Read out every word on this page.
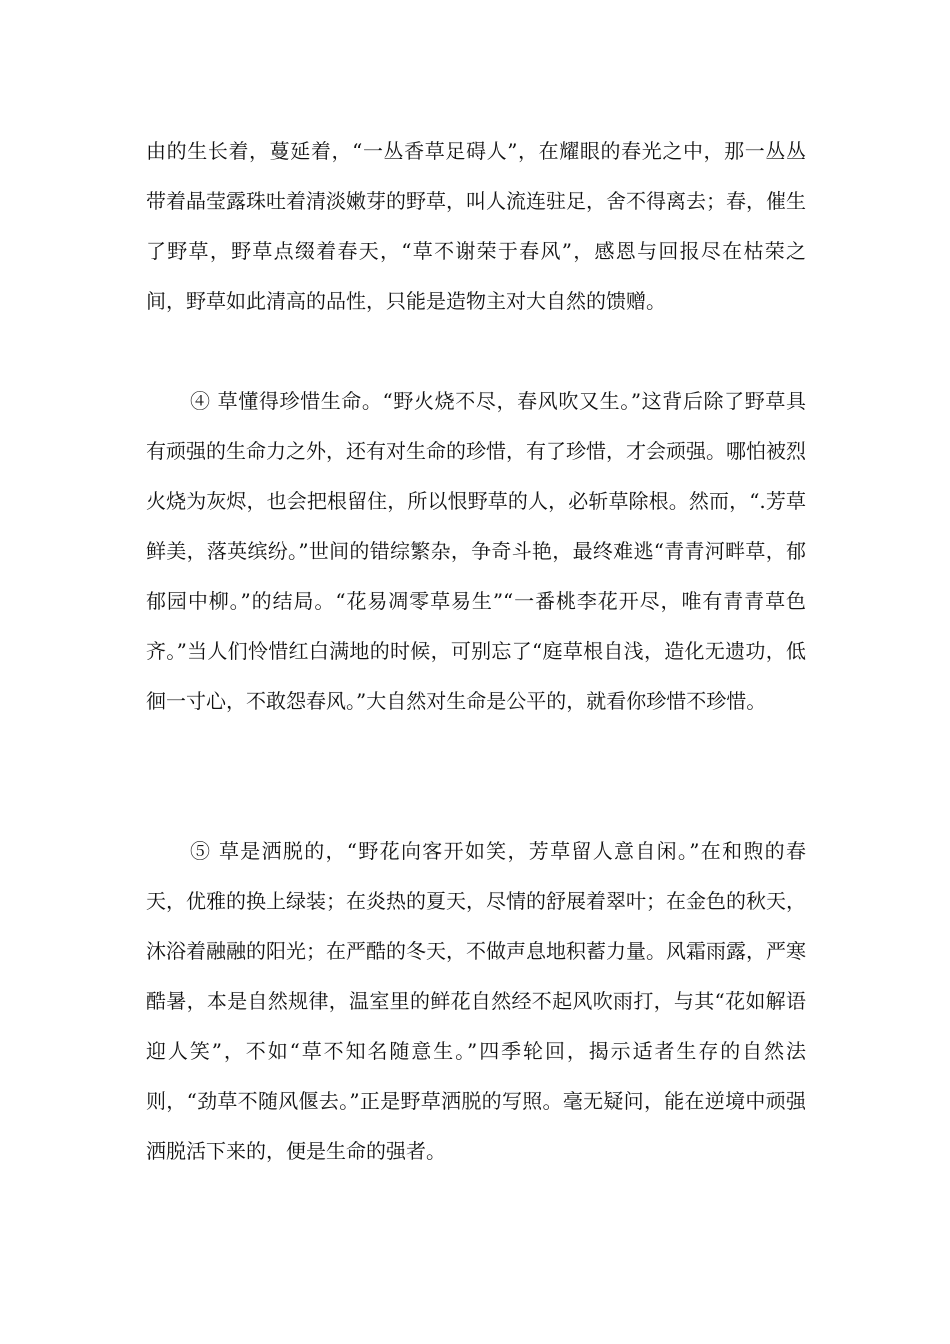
由的生长着，蔓延着，“一丛香草足碍人”，在耀眼的春光之中，那一丛丛带着晶莹露珠吐着清淡嫩芽的野草，叫人流连驻足，舍不得离去；春，催生了野草，野草点缀着春天，“草不谢荣于春风”，感恩与回报尽在枯荣之间，野草如此清高的品性，只能是造物主对大自然的馈赠。

④ 草懂得珍惜生命。“野火烧不尽，春风吹又生。”这背后除了野草具有顽强的生命力之外，还有对生命的珍惜，有了珍惜，才会顽强。哪怕被烈火烧为灰烬，也会把根留住，所以恨野草的人，必斩草除根。然而，“.芳草鲜美，落英缤纷。”世间的错综繁杂，争奇斗艳，最终难逃“青青河畔草，郁郁园中柳。”的结局。“花易凋零草易生”“一番桃李花开尽，唯有青青草色齐。”当人们怜惜红白满地的时候，可别忘了“庭草根自浅，造化无遗功，低徊一寸心，不敢怨春风。”大自然对生命是公平的，就看你珍惜不珍惜。

⑤ 草是洒脱的，“野花向客开如笑，芳草留人意自闲。”在和煦的春天，优雅的换上绿装；在炎热的夏天，尽情的舒展着翠叶；在金色的秋天，沐浴着融融的阳光；在严酷的冬天，不做声息地积蓄力量。风霜雨露，严寒酷暑，本是自然规律，温室里的鲜花自然经不起风吹雨打，与其“花如解语迎人笑”，不如“草不知名随意生。”四季轮回，揭示适者生存的自然法则，“劲草不随风偃去。”正是野草洒脱的写照。毫无疑问，能在逆境中顽强洒脱活下来的，便是生命的强者。
